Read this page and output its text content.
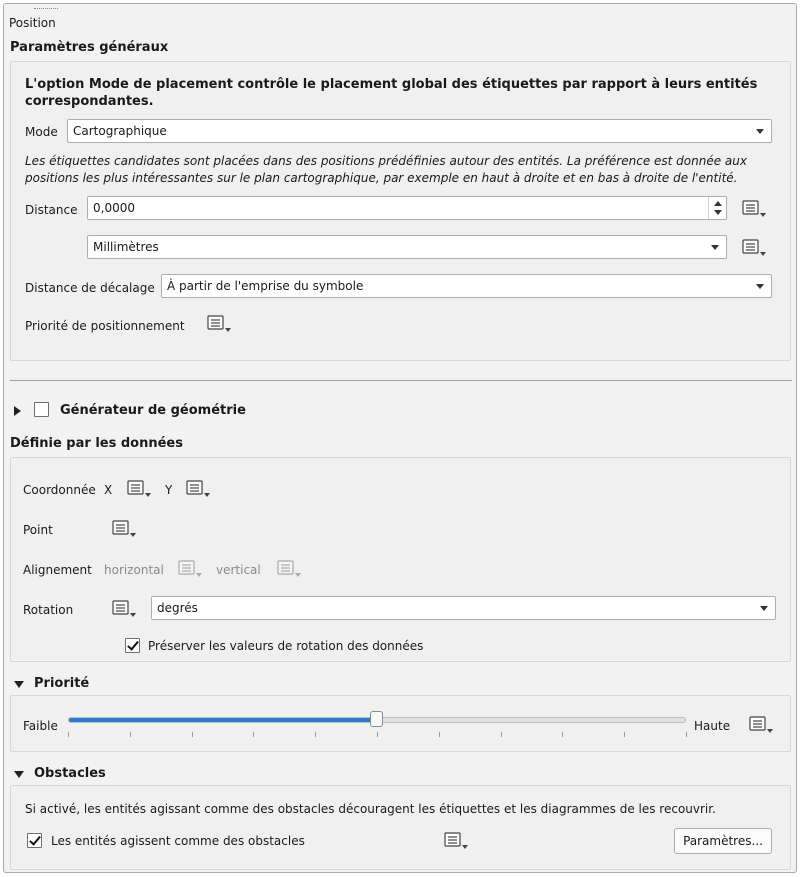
Position
Paramètres généraux
L'option Mode de placement contrôle le placement global des étiquettes par rapport à leurs entités correspondantes.
Mode	Cartographique
Les étiquettes candidates sont placées dans des positions prédéfinies autour des entités. La préférence est donnée aux positions les plus intéressantes sur le plan cartographique, par exemple en haut à droite et en bas à droite de l'entité.
Distance	0,0000
Millimètres
Distance de décalage	À partir de l'emprise du symbole
Priorité de positionnement
Générateur de géométrie
Définie par les données
Coordonnée X	Y
Point
Alignement horizontal	vertical
Rotation	degrés
Préserver les valeurs de rotation des données
Priorité
Faible	Haute
Obstacles
Si activé, les entités agissant comme des obstacles découragent les étiquettes et les diagrammes de les recouvrir.
Les entités agissent comme des obstacles	Paramètres...
